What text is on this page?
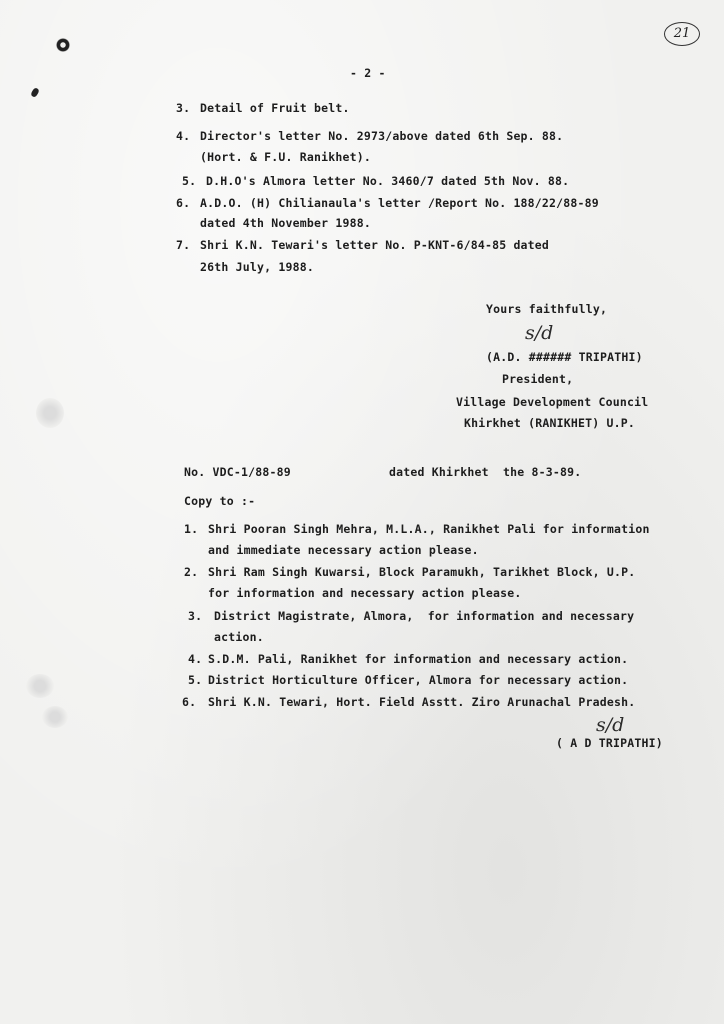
21
- 2 -
3. Detail of Fruit belt.
4. Director's letter No. 2973/above dated 6th Sep. 88.
(Hort. & F.U. Ranikhet).
5. D.H.O's Almora letter No. 3460/7 dated 5th Nov. 88.
6. A.D.O. (H) Chilianaula's letter /Report No. 188/22/88-89
dated 4th November 1988.
7. Shri K.N. Tewari's letter No. P-KNT-6/84-85 dated
26th July, 1988.
Yours faithfully,
s/d
(A.D. ###### TRIPATHI)
President,
Village Development Council
Khirkhet (RANIKHET) U.P.
No. VDC-1/88-89	dated Khirkhet  the 8-3-89.
Copy to :-
1. Shri Pooran Singh Mehra, M.L.A., Ranikhet Pali for information
and immediate necessary action please.
2. Shri Ram Singh Kuwarsi, Block Paramukh, Tarikhet Block, U.P.
for information and necessary action please.
3. District Magistrate, Almora,  for information and necessary
action.
4. S.D.M. Pali, Ranikhet for information and necessary action.
5. District Horticulture Officer, Almora for necessary action.
6. Shri K.N. Tewari, Hort. Field Asstt. Ziro Arunachal Pradesh.
s/d
( A D TRIPATHI)
